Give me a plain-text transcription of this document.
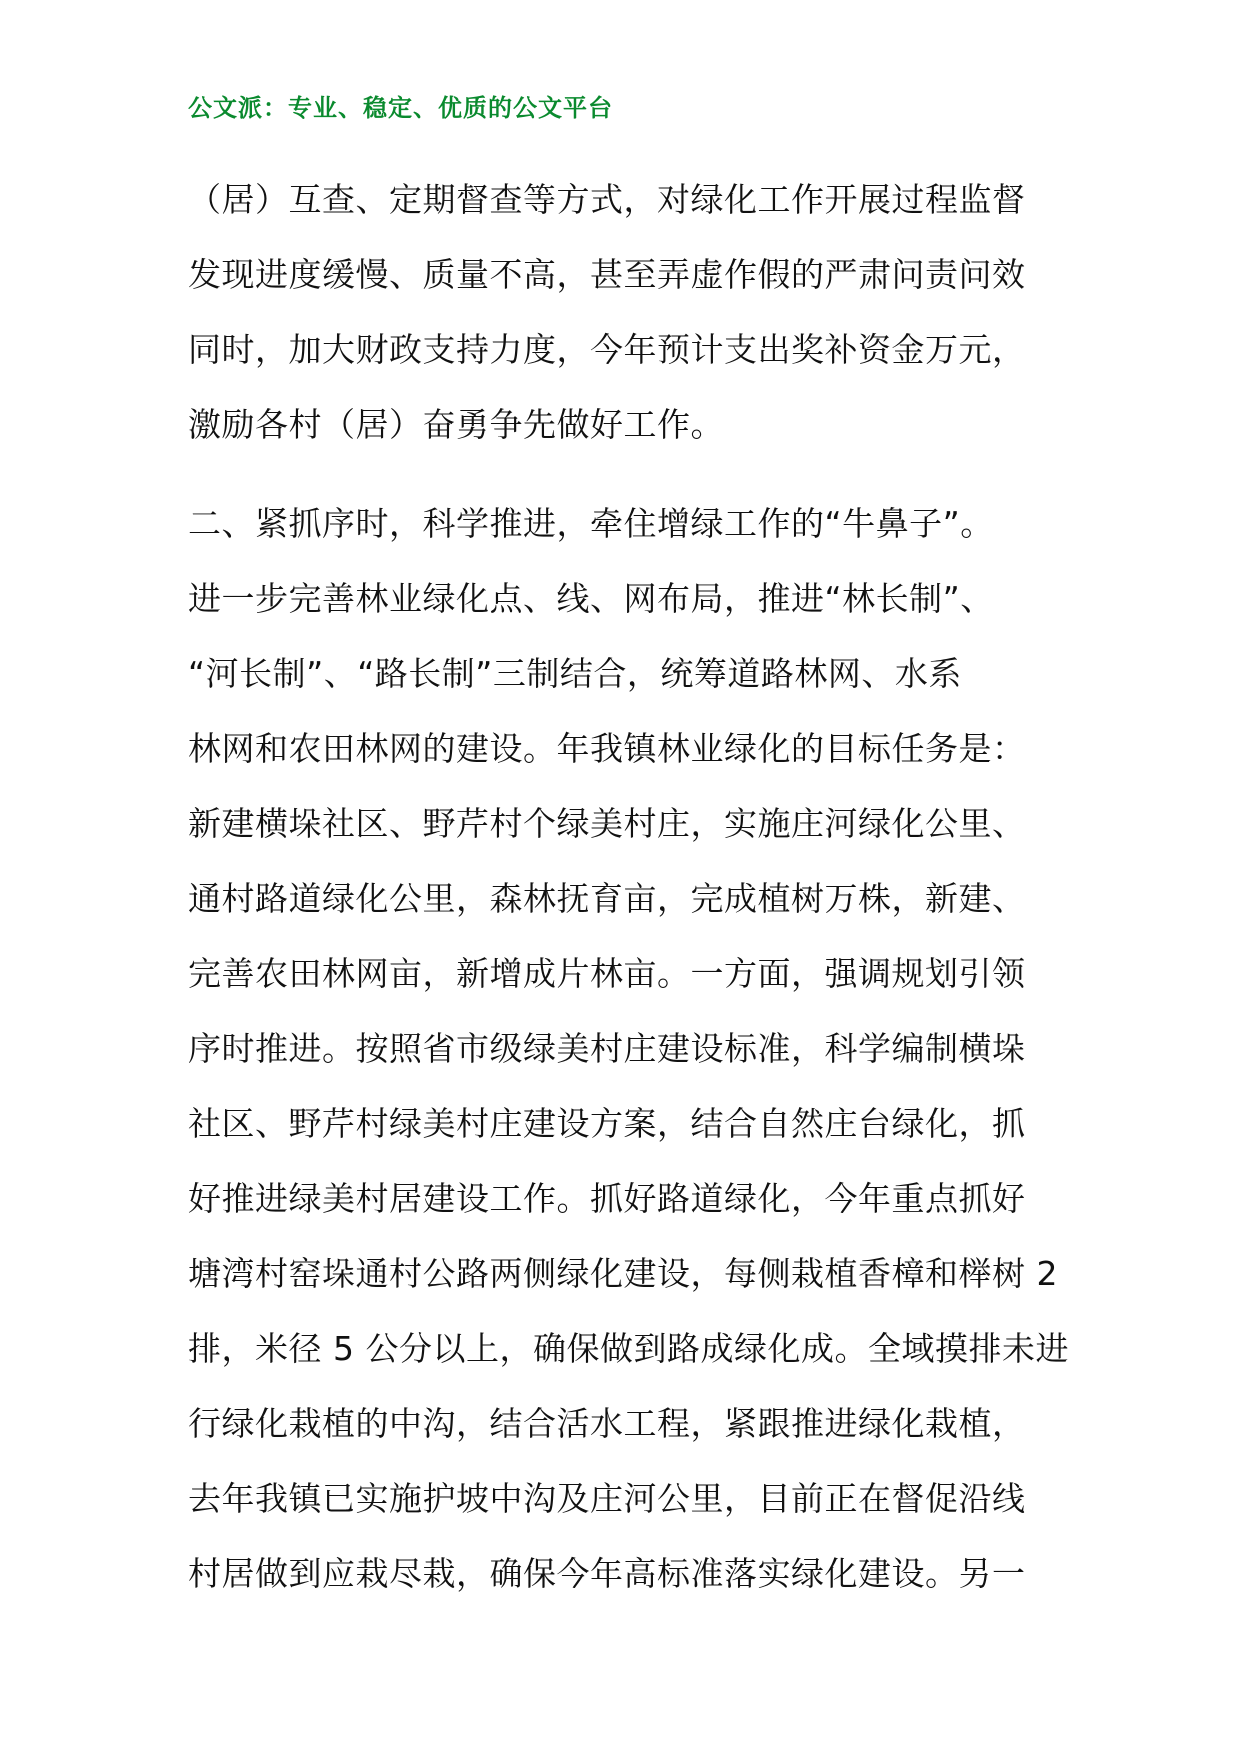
公文派：专业、稳定、优质的公文平台
（居）互查、定期督查等方式，对绿化工作开展过程监督
发现进度缓慢、质量不高，甚至弄虚作假的严肃问责问效
同时，加大财政支持力度，今年预计支出奖补资金万元，
激励各村（居）奋勇争先做好工作。
二、紧抓序时，科学推进，牵住增绿工作的“牛鼻子”。
进一步完善林业绿化点、线、网布局，推进“林长制”、
“河长制”、“路长制”三制结合，统筹道路林网、水系
林网和农田林网的建设。年我镇林业绿化的目标任务是：
新建横垛社区、野芹村个绿美村庄，实施庄河绿化公里、
通村路道绿化公里，森林抚育亩，完成植树万株，新建、
完善农田林网亩，新增成片林亩。一方面，强调规划引领
序时推进。按照省市级绿美村庄建设标准，科学编制横垛
社区、野芹村绿美村庄建设方案，结合自然庄台绿化，抓
好推进绿美村居建设工作。抓好路道绿化，今年重点抓好
塘湾村窑垛通村公路两侧绿化建设，每侧栽植香樟和榉树 2
排，米径 5 公分以上，确保做到路成绿化成。全域摸排未进
行绿化栽植的中沟，结合活水工程，紧跟推进绿化栽植，
去年我镇已实施护坡中沟及庄河公里，目前正在督促沿线
村居做到应栽尽栽，确保今年高标准落实绿化建设。另一
